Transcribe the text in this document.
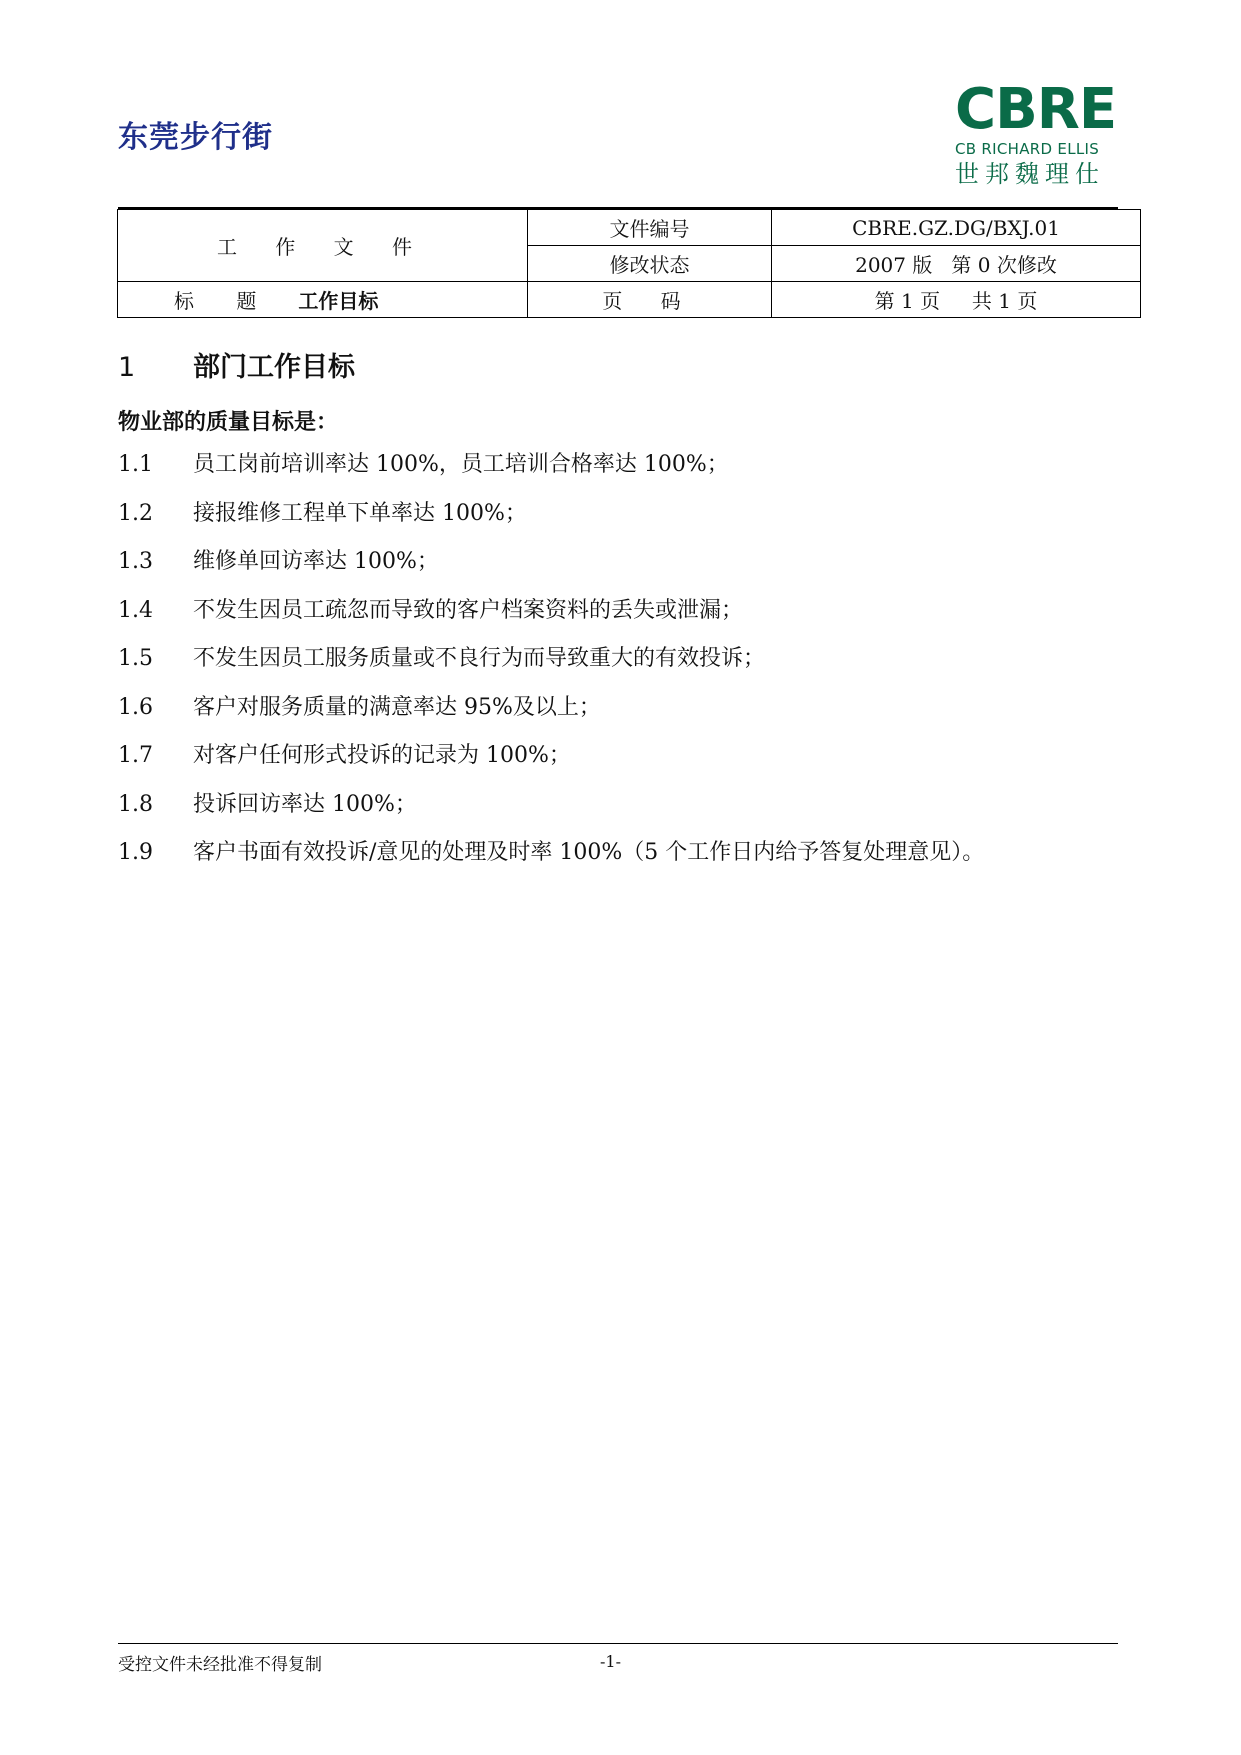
东莞步行街	CBRE
CB RICHARD ELLIS
世邦魏理仕
工 作 文 件	文件编号	CBRE.GZ.DG/BXJ.01
	修改状态	2007 版   第 0 次修改
标 题 工作目标	页 码	第 1 页     共 1 页
1 部门工作目标
物业部的质量目标是：
1.1 员工岗前培训率达 100%，员工培训合格率达 100%；
1.2 接报维修工程单下单率达 100%；
1.3 维修单回访率达 100%；
1.4 不发生因员工疏忽而导致的客户档案资料的丢失或泄漏；
1.5 不发生因员工服务质量或不良行为而导致重大的有效投诉；
1.6 客户对服务质量的满意率达 95%及以上；
1.7 对客户任何形式投诉的记录为 100%；
1.8 投诉回访率达 100%；
1.9 客户书面有效投诉/意见的处理及时率 100%（5 个工作日内给予答复处理意见）。
受控文件未经批准不得复制	-1-
